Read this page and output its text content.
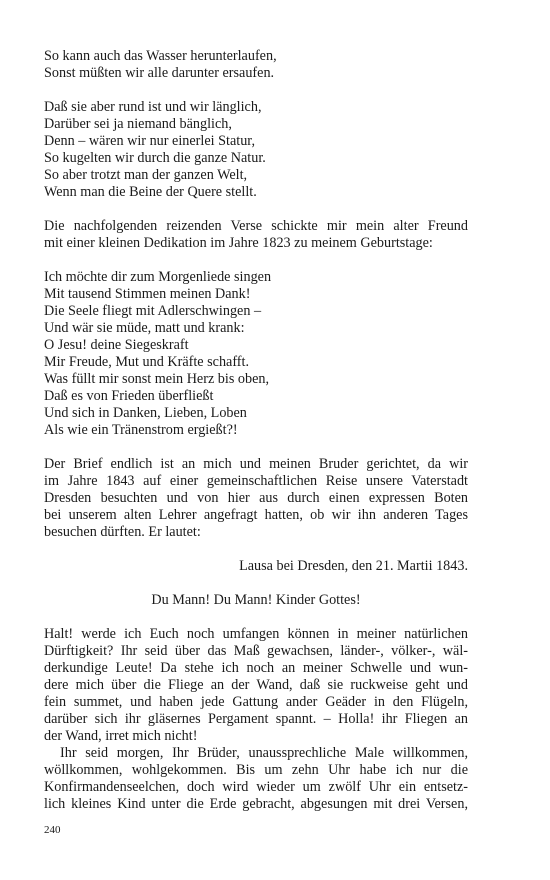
So kann auch das Wasser herunterlaufen,
Sonst müßten wir alle darunter ersaufen.
Daß sie aber rund ist und wir länglich,
Darüber sei ja niemand bänglich,
Denn – wären wir nur einerlei Statur,
So kugelten wir durch die ganze Natur.
So aber trotzt man der ganzen Welt,
Wenn man die Beine der Quere stellt.
Die nachfolgenden reizenden Verse schickte mir mein alter Freund
mit einer kleinen Dedikation im Jahre 1823 zu meinem Geburtstage:
Ich möchte dir zum Morgenliede singen
Mit tausend Stimmen meinen Dank!
Die Seele fliegt mit Adlerschwingen –
Und wär sie müde, matt und krank:
O Jesu! deine Siegeskraft
Mir Freude, Mut und Kräfte schafft.
Was füllt mir sonst mein Herz bis oben,
Daß es von Frieden überfließt
Und sich in Danken, Lieben, Loben
Als wie ein Tränenstrom ergießt?!
Der Brief endlich ist an mich und meinen Bruder gerichtet, da wir
im Jahre 1843 auf einer gemeinschaftlichen Reise unsere Vaterstadt
Dresden besuchten und von hier aus durch einen expressen Boten
bei unserem alten Lehrer angefragt hatten, ob wir ihn anderen Tages
besuchen dürften. Er lautet:
Lausa bei Dresden, den 21. Martii 1843.
Du Mann! Du Mann! Kinder Gottes!
Halt! werde ich Euch noch umfangen können in meiner natürlichen
Dürftigkeit? Ihr seid über das Maß gewachsen, länder-, völker-, wäl-
derkundige Leute! Da stehe ich noch an meiner Schwelle und wun-
dere mich über die Fliege an der Wand, daß sie ruckweise geht und
fein summet, und haben jede Gattung ander Geäder in den Flügeln,
darüber sich ihr gläsernes Pergament spannt. – Holla! ihr Fliegen an
der Wand, irret mich nicht!
Ihr seid morgen, Ihr Brüder, unaussprechliche Male willkommen,
wöllkommen, wohlgekommen. Bis um zehn Uhr habe ich nur die
Konfirmandenseelchen, doch wird wieder um zwölf Uhr ein entsetz-
lich kleines Kind unter die Erde gebracht, abgesungen mit drei Versen,
240
